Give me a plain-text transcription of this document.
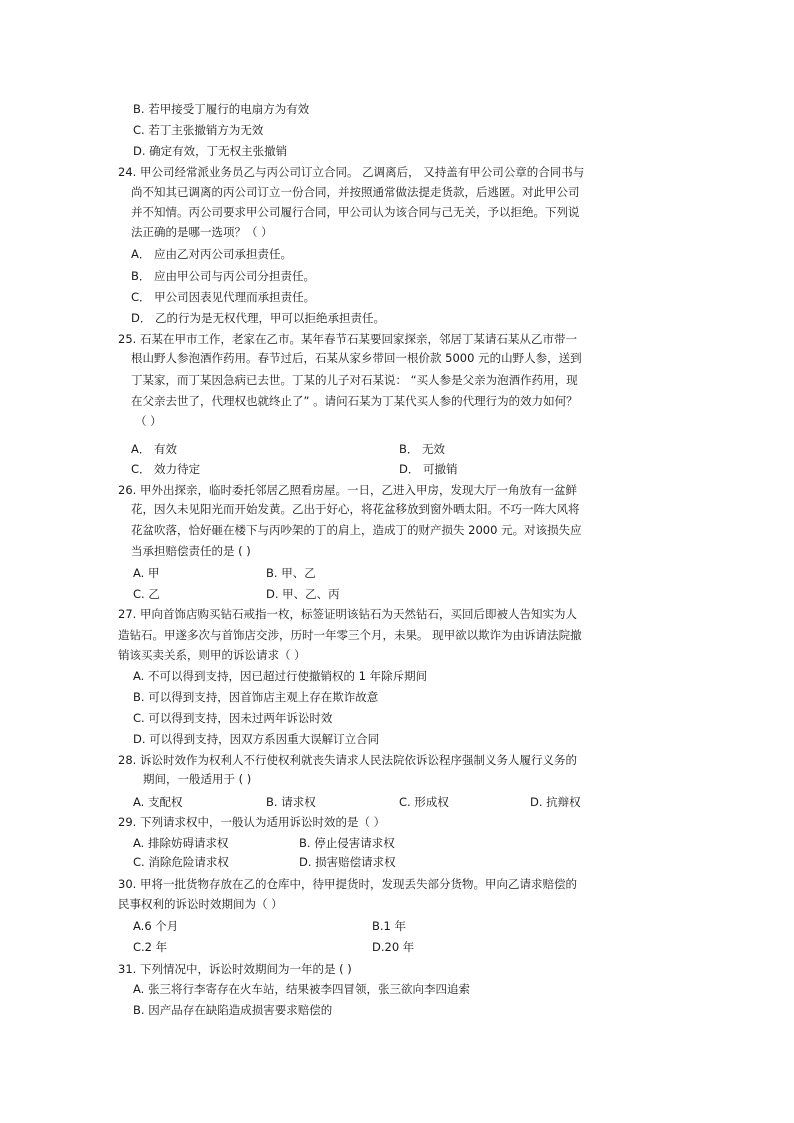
B. 若甲接受丁履行的电扇方为有效

C. 若丁主张撤销方为无效

D. 确定有效，丁无权主张撤销

24. 甲公司经常派业务员乙与丙公司订立合同。 乙调离后， 又持盖有甲公司公章的合同书与

尚不知其已调离的丙公司订立一份合同，并按照通常做法提走货款，后逃匿。对此甲公司

并不知情。丙公司要求甲公司履行合同，甲公司认为该合同与己无关，予以拒绝。下列说

法正确的是哪一选项？（ ）

A． 应由乙对丙公司承担责任。

B． 应由甲公司与丙公司分担责任。

C． 甲公司因表见代理而承担责任。

D． 乙的行为是无权代理，甲可以拒绝承担责任。

25. 石某在甲市工作，老家在乙市。某年春节石某要回家探亲，邻居丁某请石某从乙市带一

根山野人参泡酒作药用。春节过后，石某从家乡带回一根价款 5000 元的山野人参，送到

丁某家，而丁某因急病已去世。丁某的儿子对石某说： “买人参是父亲为泡酒作药用，现

在父亲去世了，代理权也就终止了” 。请问石某为丁某代买人参的代理行为的效力如何？

（ ）

A． 有效	B． 无效

C． 效力待定	D． 可撤销

26. 甲外出探亲，临时委托邻居乙照看房屋。一日，乙进入甲房，发现大厅一角放有一盆鲜

花，因久未见阳光而开始发黄。乙出于好心，将花盆移放到窗外晒太阳。不巧一阵大风将

花盆吹落，恰好砸在楼下与丙吵架的丁的肩上，造成丁的财产损失 2000 元。对该损失应

当承担赔偿责任的是 ( )

A. 甲	B. 甲、乙

C. 乙	D. 甲、乙、丙

27. 甲向首饰店购买钻石戒指一枚，标签证明该钻石为天然钻石，买回后即被人告知实为人

造钻石。甲遂多次与首饰店交涉，历时一年零三个月，未果。 现甲欲以欺诈为由诉请法院撤

销该买卖关系，则甲的诉讼请求（ ）

A. 不可以得到支持，因已超过行使撤销权的 1 年除斥期间

B. 可以得到支持，因首饰店主观上存在欺诈故意

C. 可以得到支持，因未过两年诉讼时效

D. 可以得到支持，因双方系因重大误解订立合同

28. 诉讼时效作为权利人不行使权利就丧失请求人民法院依诉讼程序强制义务人履行义务的

期间，一般适用于 ( )

A. 支配权	B. 请求权	C. 形成权	D. 抗辩权

29. 下列请求权中，一般认为适用诉讼时效的是（ ）

A. 排除妨碍请求权	B. 停止侵害请求权

C. 消除危险请求权	D. 损害赔偿请求权

30. 甲将一批货物存放在乙的仓库中，待甲提货时，发现丢失部分货物。甲向乙请求赔偿的

民事权利的诉讼时效期间为（ ）

A.6 个月	B.1 年

C.2 年	D.20 年

31. 下列情况中，诉讼时效期间为一年的是 ( )

A. 张三将行李寄存在火车站，结果被李四冒领，张三欲向李四追索

B. 因产品存在缺陷造成损害要求赔偿的
